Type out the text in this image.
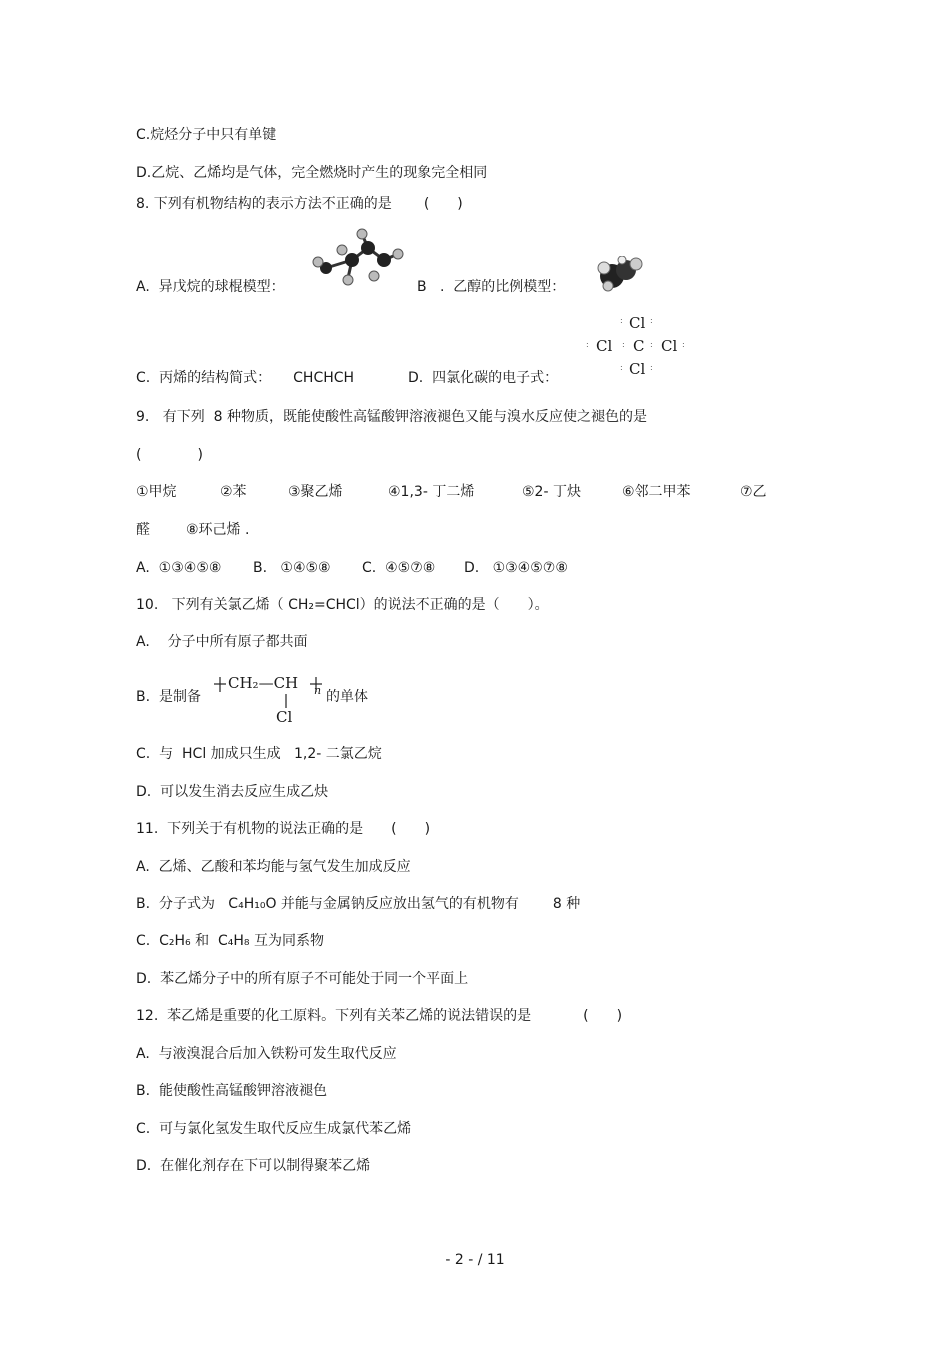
C.烷烃分子中只有单键
D.乙烷、乙烯均是气体，完全燃烧时产生的现象完全相同
8. 下列有机物结构的表示方法不正确的是 (　　)
A.  异戊烷的球棍模型：	B   .  乙醇的比例模型：
Cl
Cl C Cl
Cl
:	:
:	:	:	:
:	:
C.  丙烯的结构简式： CHCHCH	D.  四氯化碳的电子式：
9.   有下列  8 种物质，既能使酸性高锰酸钾溶液褪色又能与溴水反应使之褪色的是
(　　　　)
①甲烷	②苯	③聚乙烯	④1,3- 丁二烯	⑤2- 丁炔	⑥邻二甲苯	⑦乙
醛	⑧环己烯 .
A.  ①③④⑤⑧ B.   ①④⑤⑧ C.  ④⑤⑦⑧ D.   ①③④⑤⑦⑧
10.   下列有关氯乙烯（ CH₂=CHCl）的说法不正确的是（　　）。
A.    分子中所有原子都共面
B.  是制备
CH₂—CH n
Cl
的单体
C.  与  HCl 加成只生成   1,2- 二氯乙烷
D.  可以发生消去反应生成乙炔
11.  下列关于有机物的说法正确的是 (　　)
A.  乙烯、乙酸和苯均能与氢气发生加成反应
B.  分子式为   C₄H₁₀O 并能与金属钠反应放出氢气的有机物有 8 种
C.  C₂H₆ 和  C₄H₈ 互为同系物
D.  苯乙烯分子中的所有原子不可能处于同一个平面上
12.  苯乙烯是重要的化工原料。下列有关苯乙烯的说法错误的是	(　　)
A.  与液溴混合后加入铁粉可发生取代反应
B.  能使酸性高锰酸钾溶液褪色
C.  可与氯化氢发生取代反应生成氯代苯乙烯
D.  在催化剂存在下可以制得聚苯乙烯
- 2 - / 11
